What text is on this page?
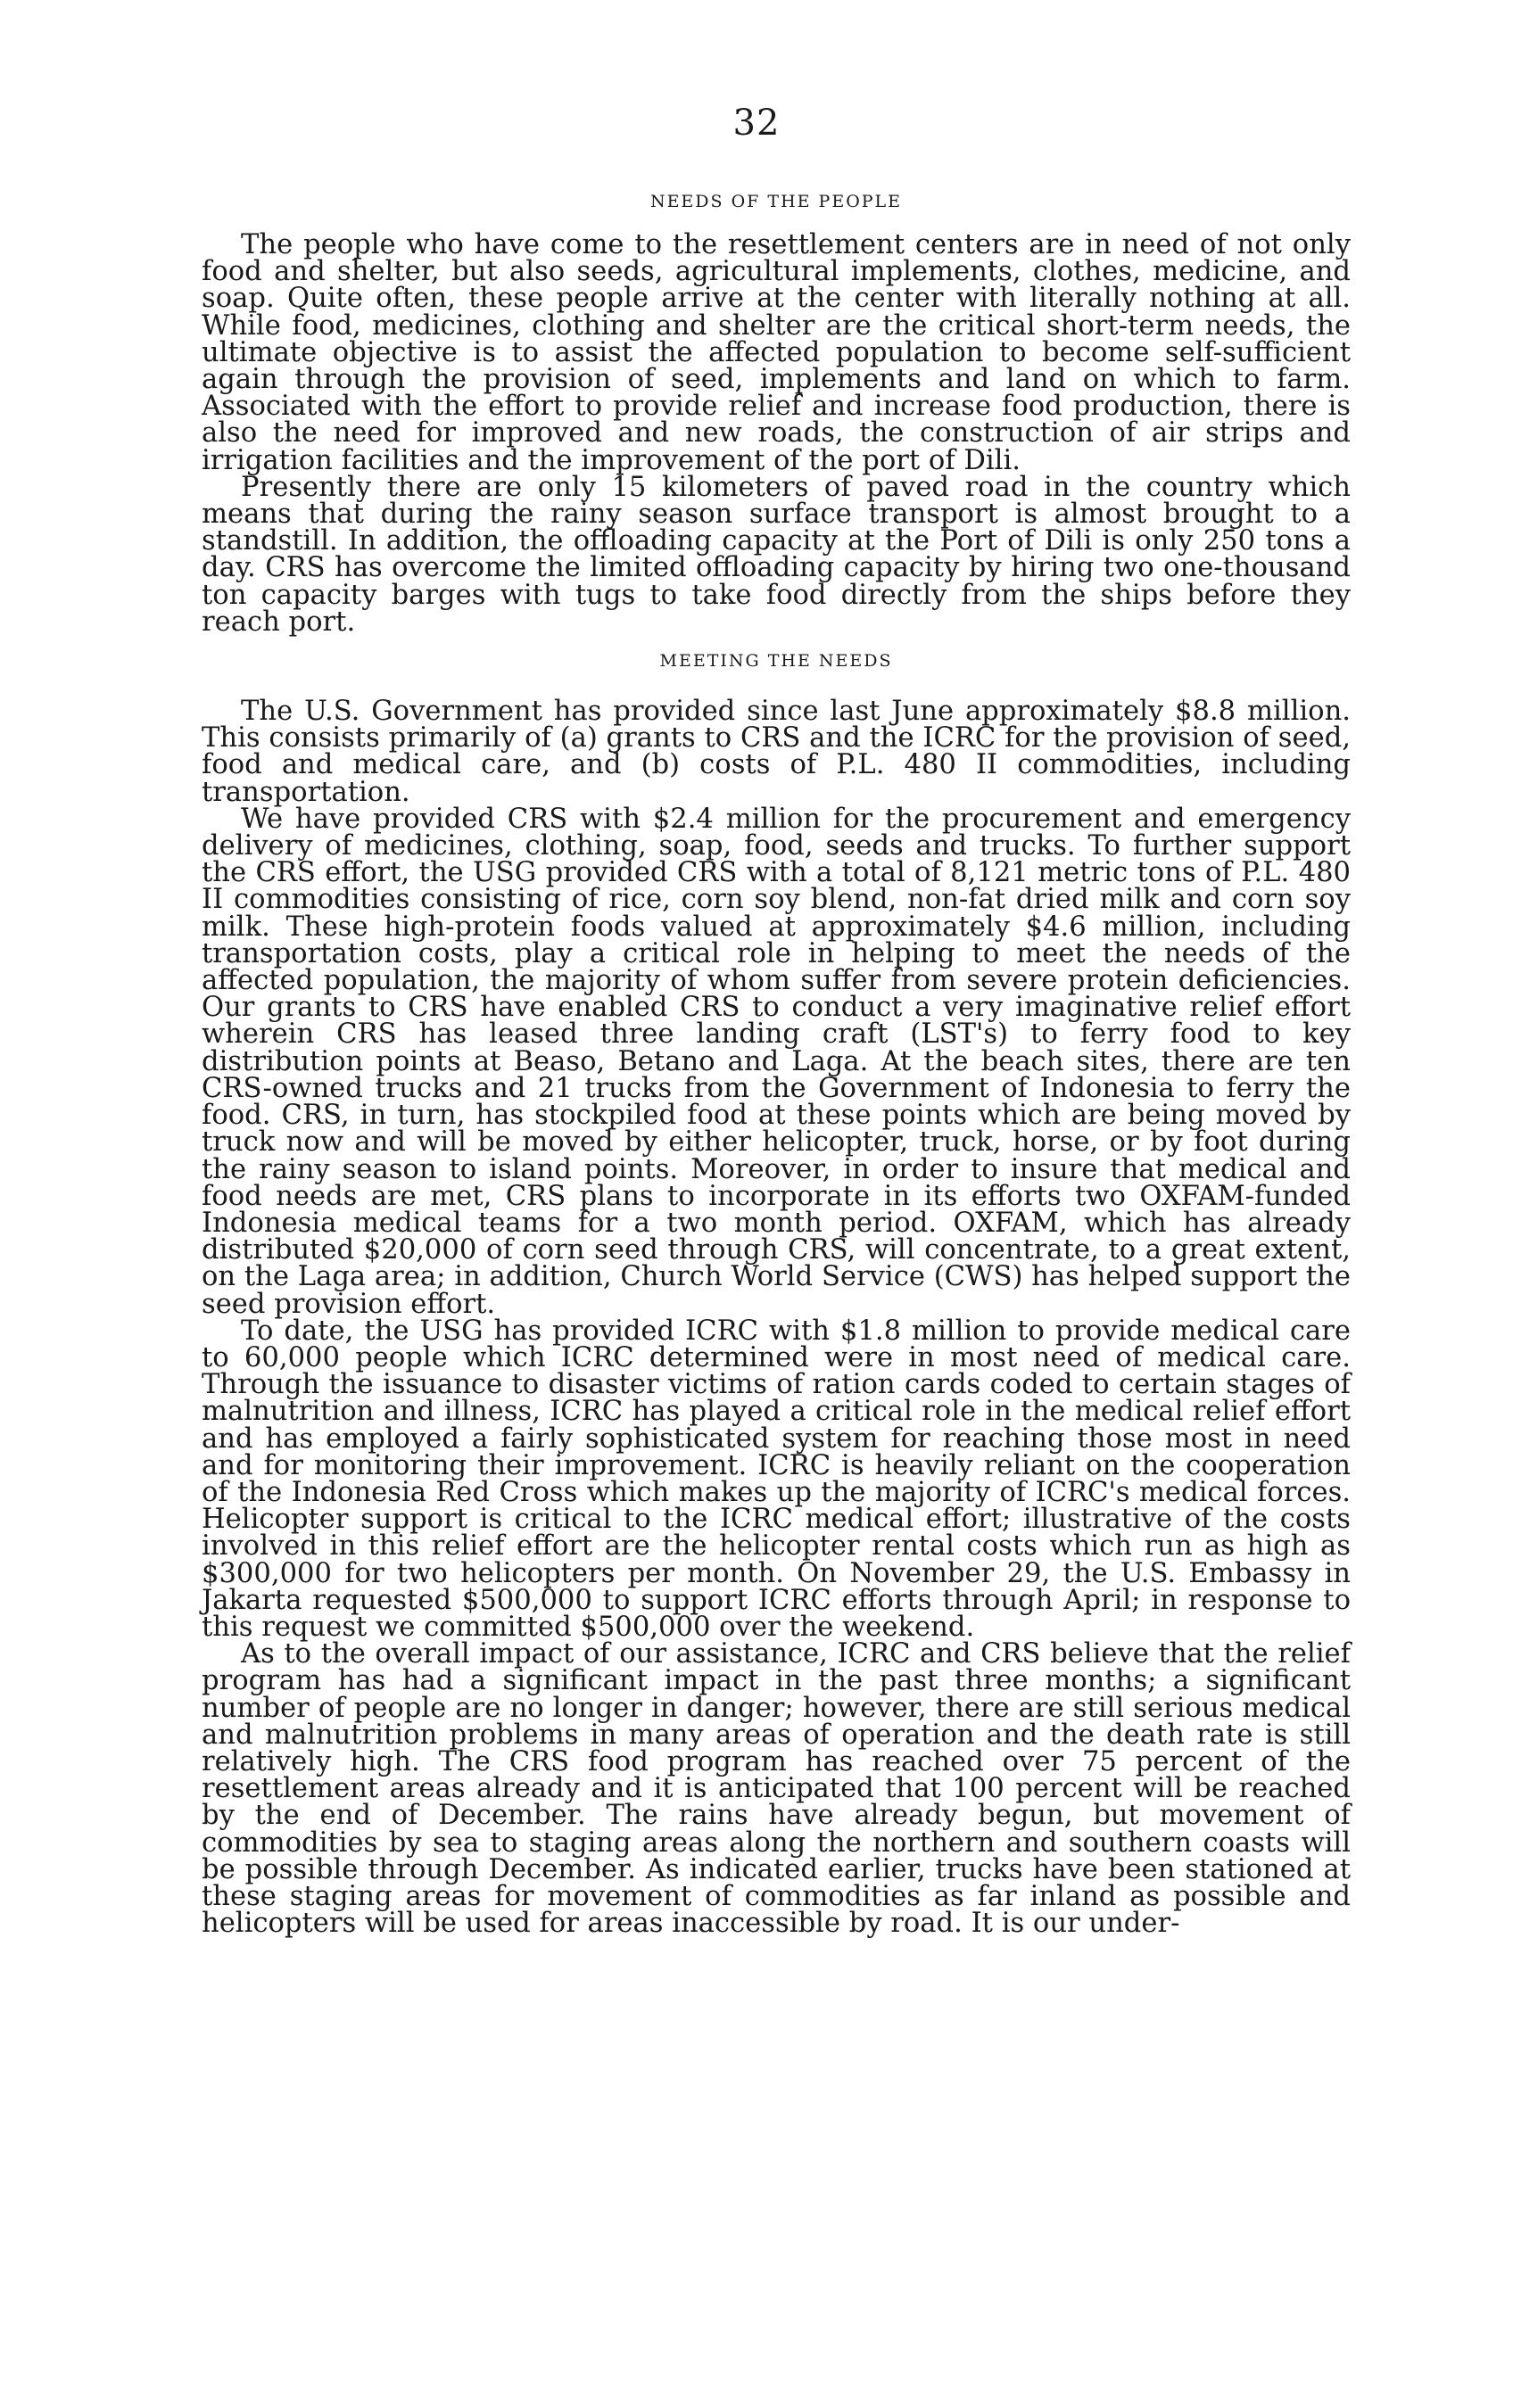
32
NEEDS OF THE PEOPLE

The people who have come to the resettlement centers are in need of not only food and shelter, but also seeds, agricultural implements, clothes, medicine, and soap. Quite often, these people arrive at the center with literally nothing at all. While food, medicines, clothing and shelter are the critical short-term needs, the ultimate objective is to assist the affected population to become self-sufficient again through the provision of seed, implements and land on which to farm. Associated with the effort to provide relief and increase food production, there is also the need for improved and new roads, the construction of air strips and irrigation facilities and the improvement of the port of Dili.

Presently there are only 15 kilometers of paved road in the country which means that during the rainy season surface transport is almost brought to a standstill. In addition, the offloading capacity at the Port of Dili is only 250 tons a day. CRS has overcome the limited offloading capacity by hiring two one-thousand ton capacity barges with tugs to take food directly from the ships before they reach port.

MEETING THE NEEDS

The U.S. Government has provided since last June approximately $8.8 million. This consists primarily of (a) grants to CRS and the ICRC for the provision of seed, food and medical care, and (b) costs of P.L. 480 II commodities, including transportation.

We have provided CRS with $2.4 million for the procurement and emergency delivery of medicines, clothing, soap, food, seeds and trucks. To further support the CRS effort, the USG provided CRS with a total of 8,121 metric tons of P.L. 480 II commodities consisting of rice, corn soy blend, non-fat dried milk and corn soy milk. These high-protein foods valued at approximately $4.6 million, including transportation costs, play a critical role in helping to meet the needs of the affected population, the majority of whom suffer from severe protein deficiencies. Our grants to CRS have enabled CRS to conduct a very imaginative relief effort wherein CRS has leased three landing craft (LST's) to ferry food to key distribution points at Beaso, Betano and Laga. At the beach sites, there are ten CRS-owned trucks and 21 trucks from the Government of Indonesia to ferry the food. CRS, in turn, has stockpiled food at these points which are being moved by truck now and will be moved by either helicopter, truck, horse, or by foot during the rainy season to island points. Moreover, in order to insure that medical and food needs are met, CRS plans to incorporate in its efforts two OXFAM-funded Indonesia medical teams for a two month period. OXFAM, which has already distributed $20,000 of corn seed through CRS, will concentrate, to a great extent, on the Laga area; in addition, Church World Service (CWS) has helped support the seed provision effort.

To date, the USG has provided ICRC with $1.8 million to provide medical care to 60,000 people which ICRC determined were in most need of medical care. Through the issuance to disaster victims of ration cards coded to certain stages of malnutrition and illness, ICRC has played a critical role in the medical relief effort and has employed a fairly sophisticated system for reaching those most in need and for monitoring their improvement. ICRC is heavily reliant on the cooperation of the Indonesia Red Cross which makes up the majority of ICRC's medical forces. Helicopter support is critical to the ICRC medical effort; illustrative of the costs involved in this relief effort are the helicopter rental costs which run as high as $300,000 for two helicopters per month. On November 29, the U.S. Embassy in Jakarta requested $500,000 to support ICRC efforts through April; in response to this request we committed $500,000 over the weekend.

As to the overall impact of our assistance, ICRC and CRS believe that the relief program has had a significant impact in the past three months; a significant number of people are no longer in danger; however, there are still serious medical and malnutrition problems in many areas of operation and the death rate is still relatively high. The CRS food program has reached over 75 percent of the resettlement areas already and it is anticipated that 100 percent will be reached by the end of December. The rains have already begun, but movement of commodities by sea to staging areas along the northern and southern coasts will be possible through December. As indicated earlier, trucks have been stationed at these staging areas for movement of commodities as far inland as possible and helicopters will be used for areas inaccessible by road. It is our under-
